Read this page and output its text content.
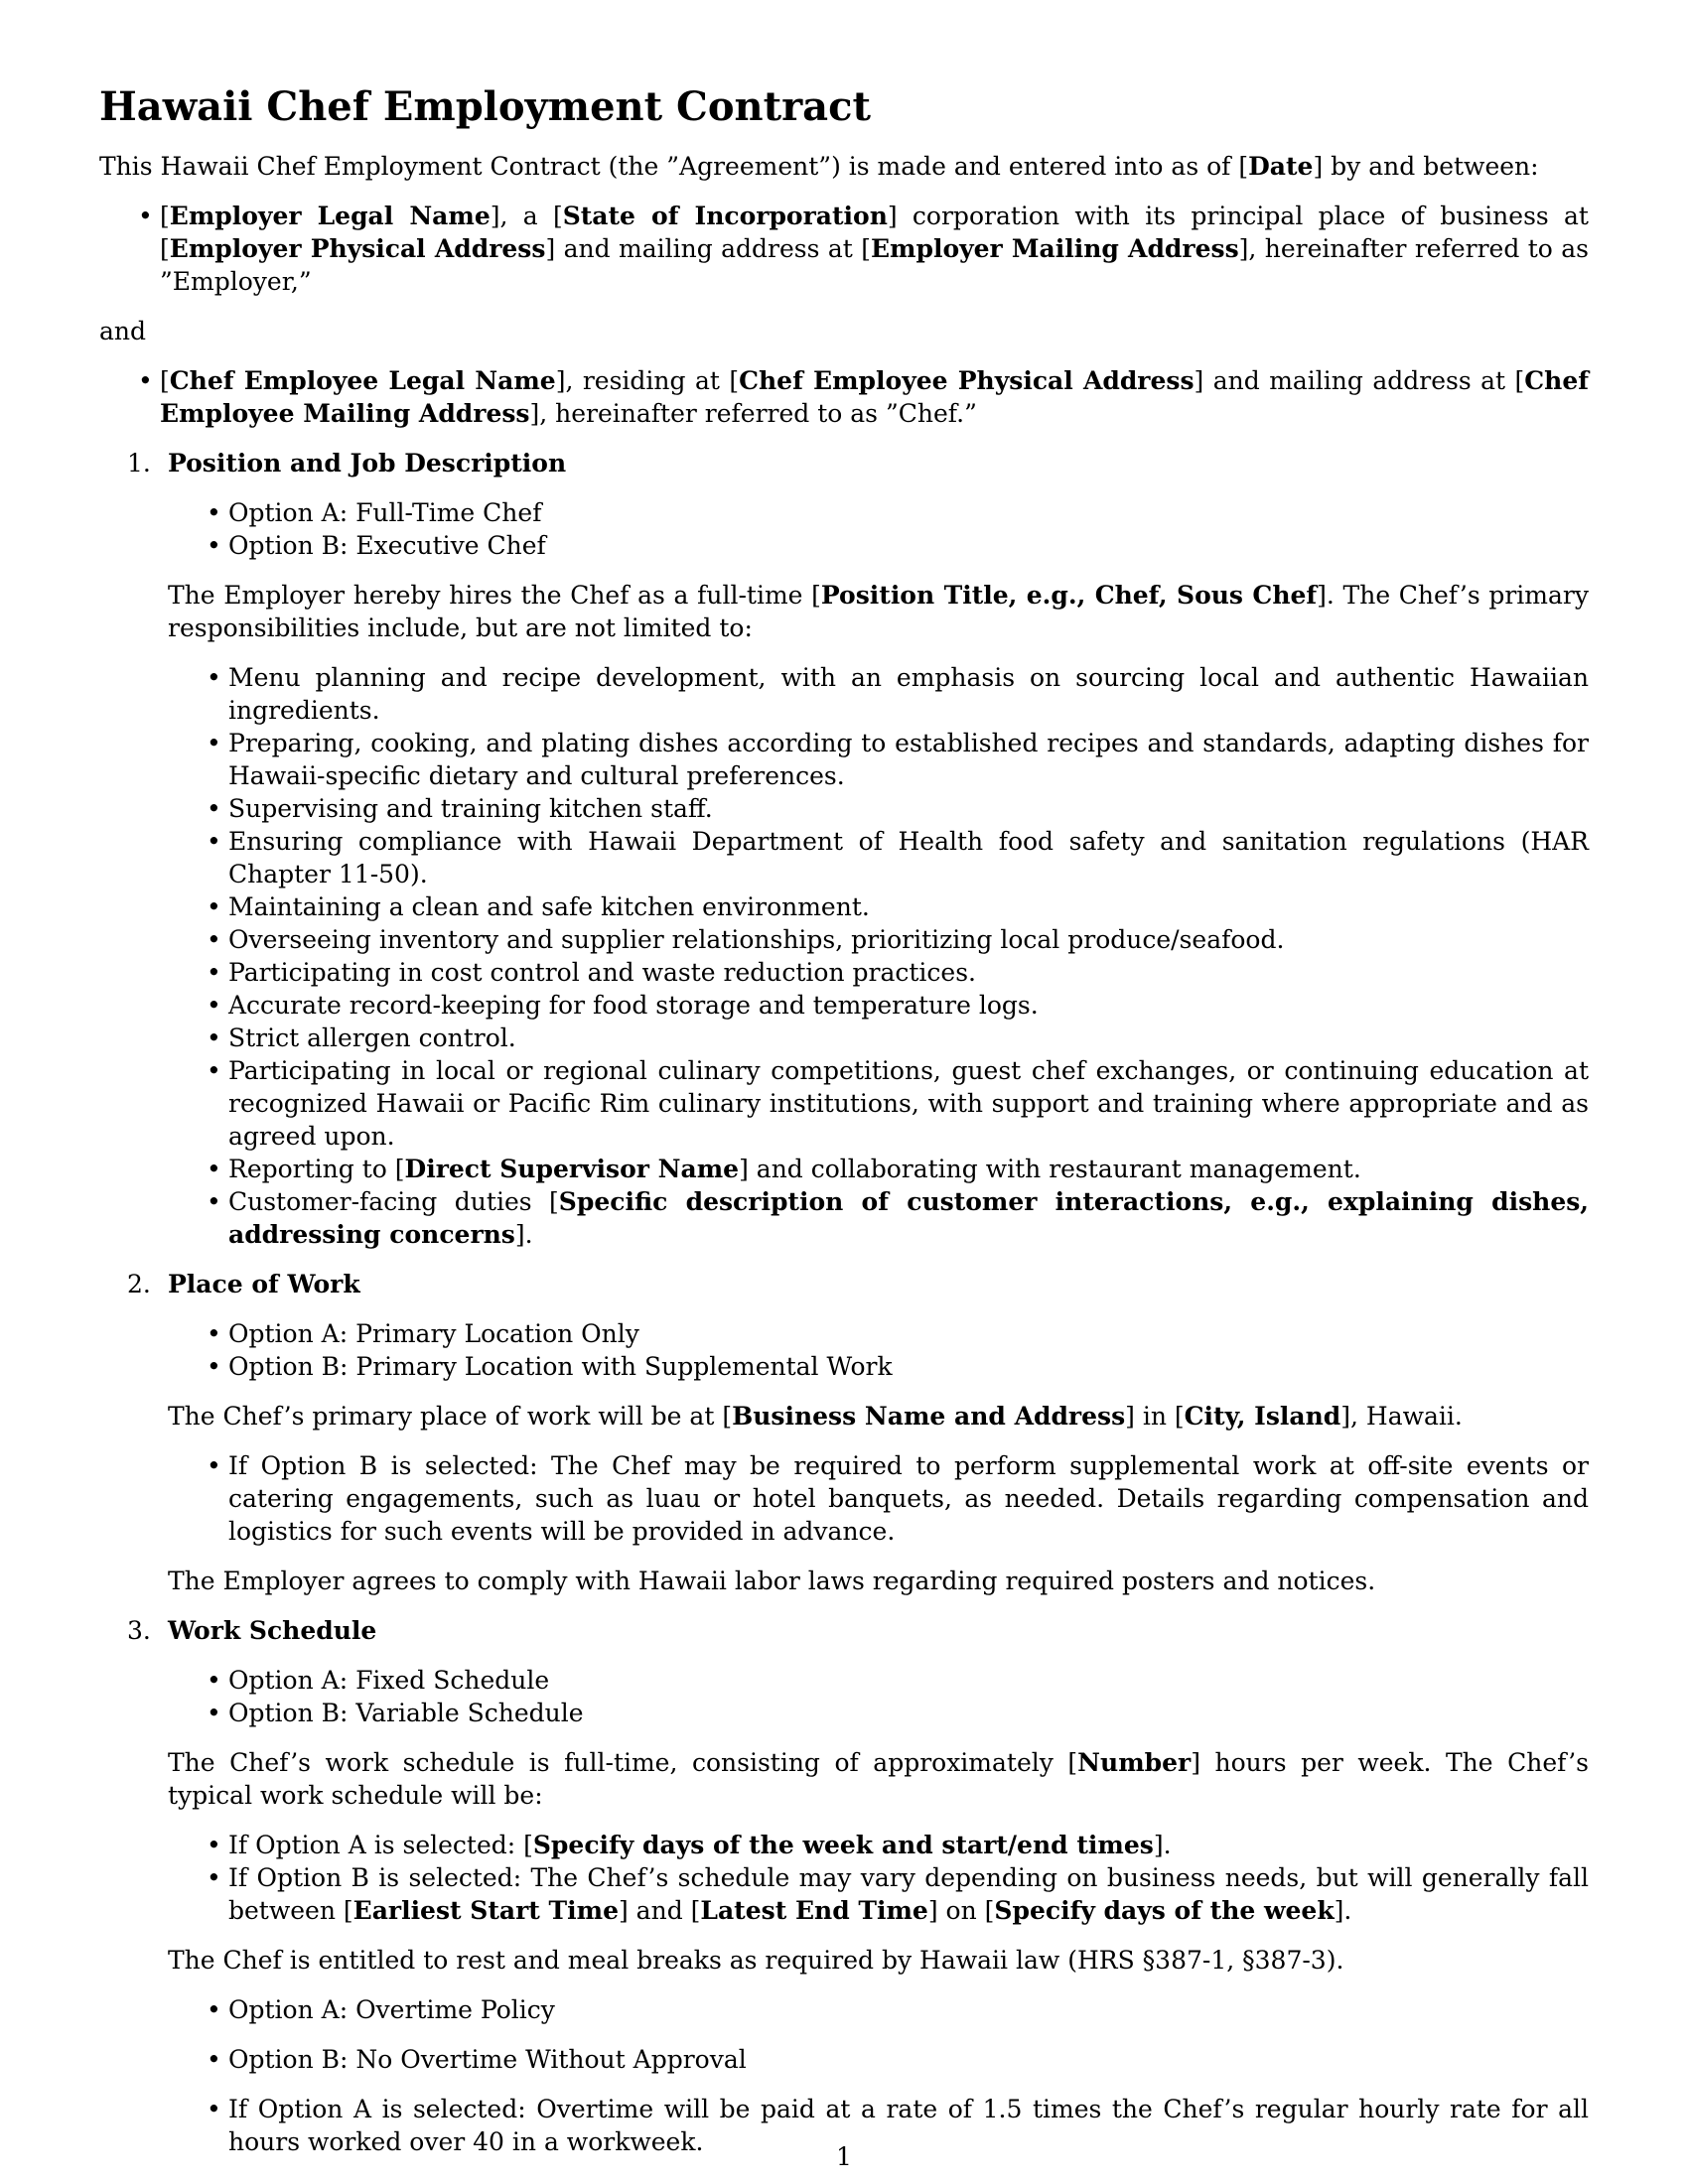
Hawaii Chef Employment Contract

This Hawaii Chef Employment Contract (the ”Agreement”) is made and entered into as of [Date] by and between:

• [Employer Legal Name], a [State of Incorporation] corporation with its principal place of business at [Employer Physical Address] and mailing address at [Employer Mailing Address], hereinafter referred to as ”Employer,”

and

• [Chef Employee Legal Name], residing at [Chef Employee Physical Address] and mailing address at [Chef Employee Mailing Address], hereinafter referred to as ”Chef.”
1. Position and Job Description
• Option A: Full-Time Chef
• Option B: Executive Chef

The Employer hereby hires the Chef as a full-time [Position Title, e.g., Chef, Sous Chef]. The Chef’s primary responsibilities include, but are not limited to:

• Menu planning and recipe development, with an emphasis on sourcing local and authentic Hawaiian ingredients.
• Preparing, cooking, and plating dishes according to established recipes and standards, adapting dishes for Hawaii-specific dietary and cultural preferences.
• Supervising and training kitchen staff.
• Ensuring compliance with Hawaii Department of Health food safety and sanitation regulations (HAR Chapter 11-50).
• Maintaining a clean and safe kitchen environment.
• Overseeing inventory and supplier relationships, prioritizing local produce/seafood.
• Participating in cost control and waste reduction practices.
• Accurate record-keeping for food storage and temperature logs.
• Strict allergen control.
• Participating in local or regional culinary competitions, guest chef exchanges, or continuing education at recognized Hawaii or Pacific Rim culinary institutions, with support and training where appropriate and as agreed upon.
• Reporting to [Direct Supervisor Name] and collaborating with restaurant management.
• Customer-facing duties [Specific description of customer interactions, e.g., explaining dishes, addressing concerns].
2. Place of Work
• Option A: Primary Location Only
• Option B: Primary Location with Supplemental Work

The Chef’s primary place of work will be at [Business Name and Address] in [City, Island], Hawaii.

• If Option B is selected: The Chef may be required to perform supplemental work at off-site events or catering engagements, such as luau or hotel banquets, as needed. Details regarding compensation and logistics for such events will be provided in advance.

The Employer agrees to comply with Hawaii labor laws regarding required posters and notices.

3. Work Schedule
• Option A: Fixed Schedule
• Option B: Variable Schedule

The Chef’s work schedule is full-time, consisting of approximately [Number] hours per week. The Chef’s typical work schedule will be:

• If Option A is selected: [Specify days of the week and start/end times].
• If Option B is selected: The Chef’s schedule may vary depending on business needs, but will generally fall between [Earliest Start Time] and [Latest End Time] on [Specify days of the week].

The Chef is entitled to rest and meal breaks as required by Hawaii law (HRS §387-1, §387-3).

• Option A: Overtime Policy
• Option B: No Overtime Without Approval
• If Option A is selected: Overtime will be paid at a rate of 1.5 times the Chef’s regular hourly rate for all hours worked over 40 in a workweek.
1
